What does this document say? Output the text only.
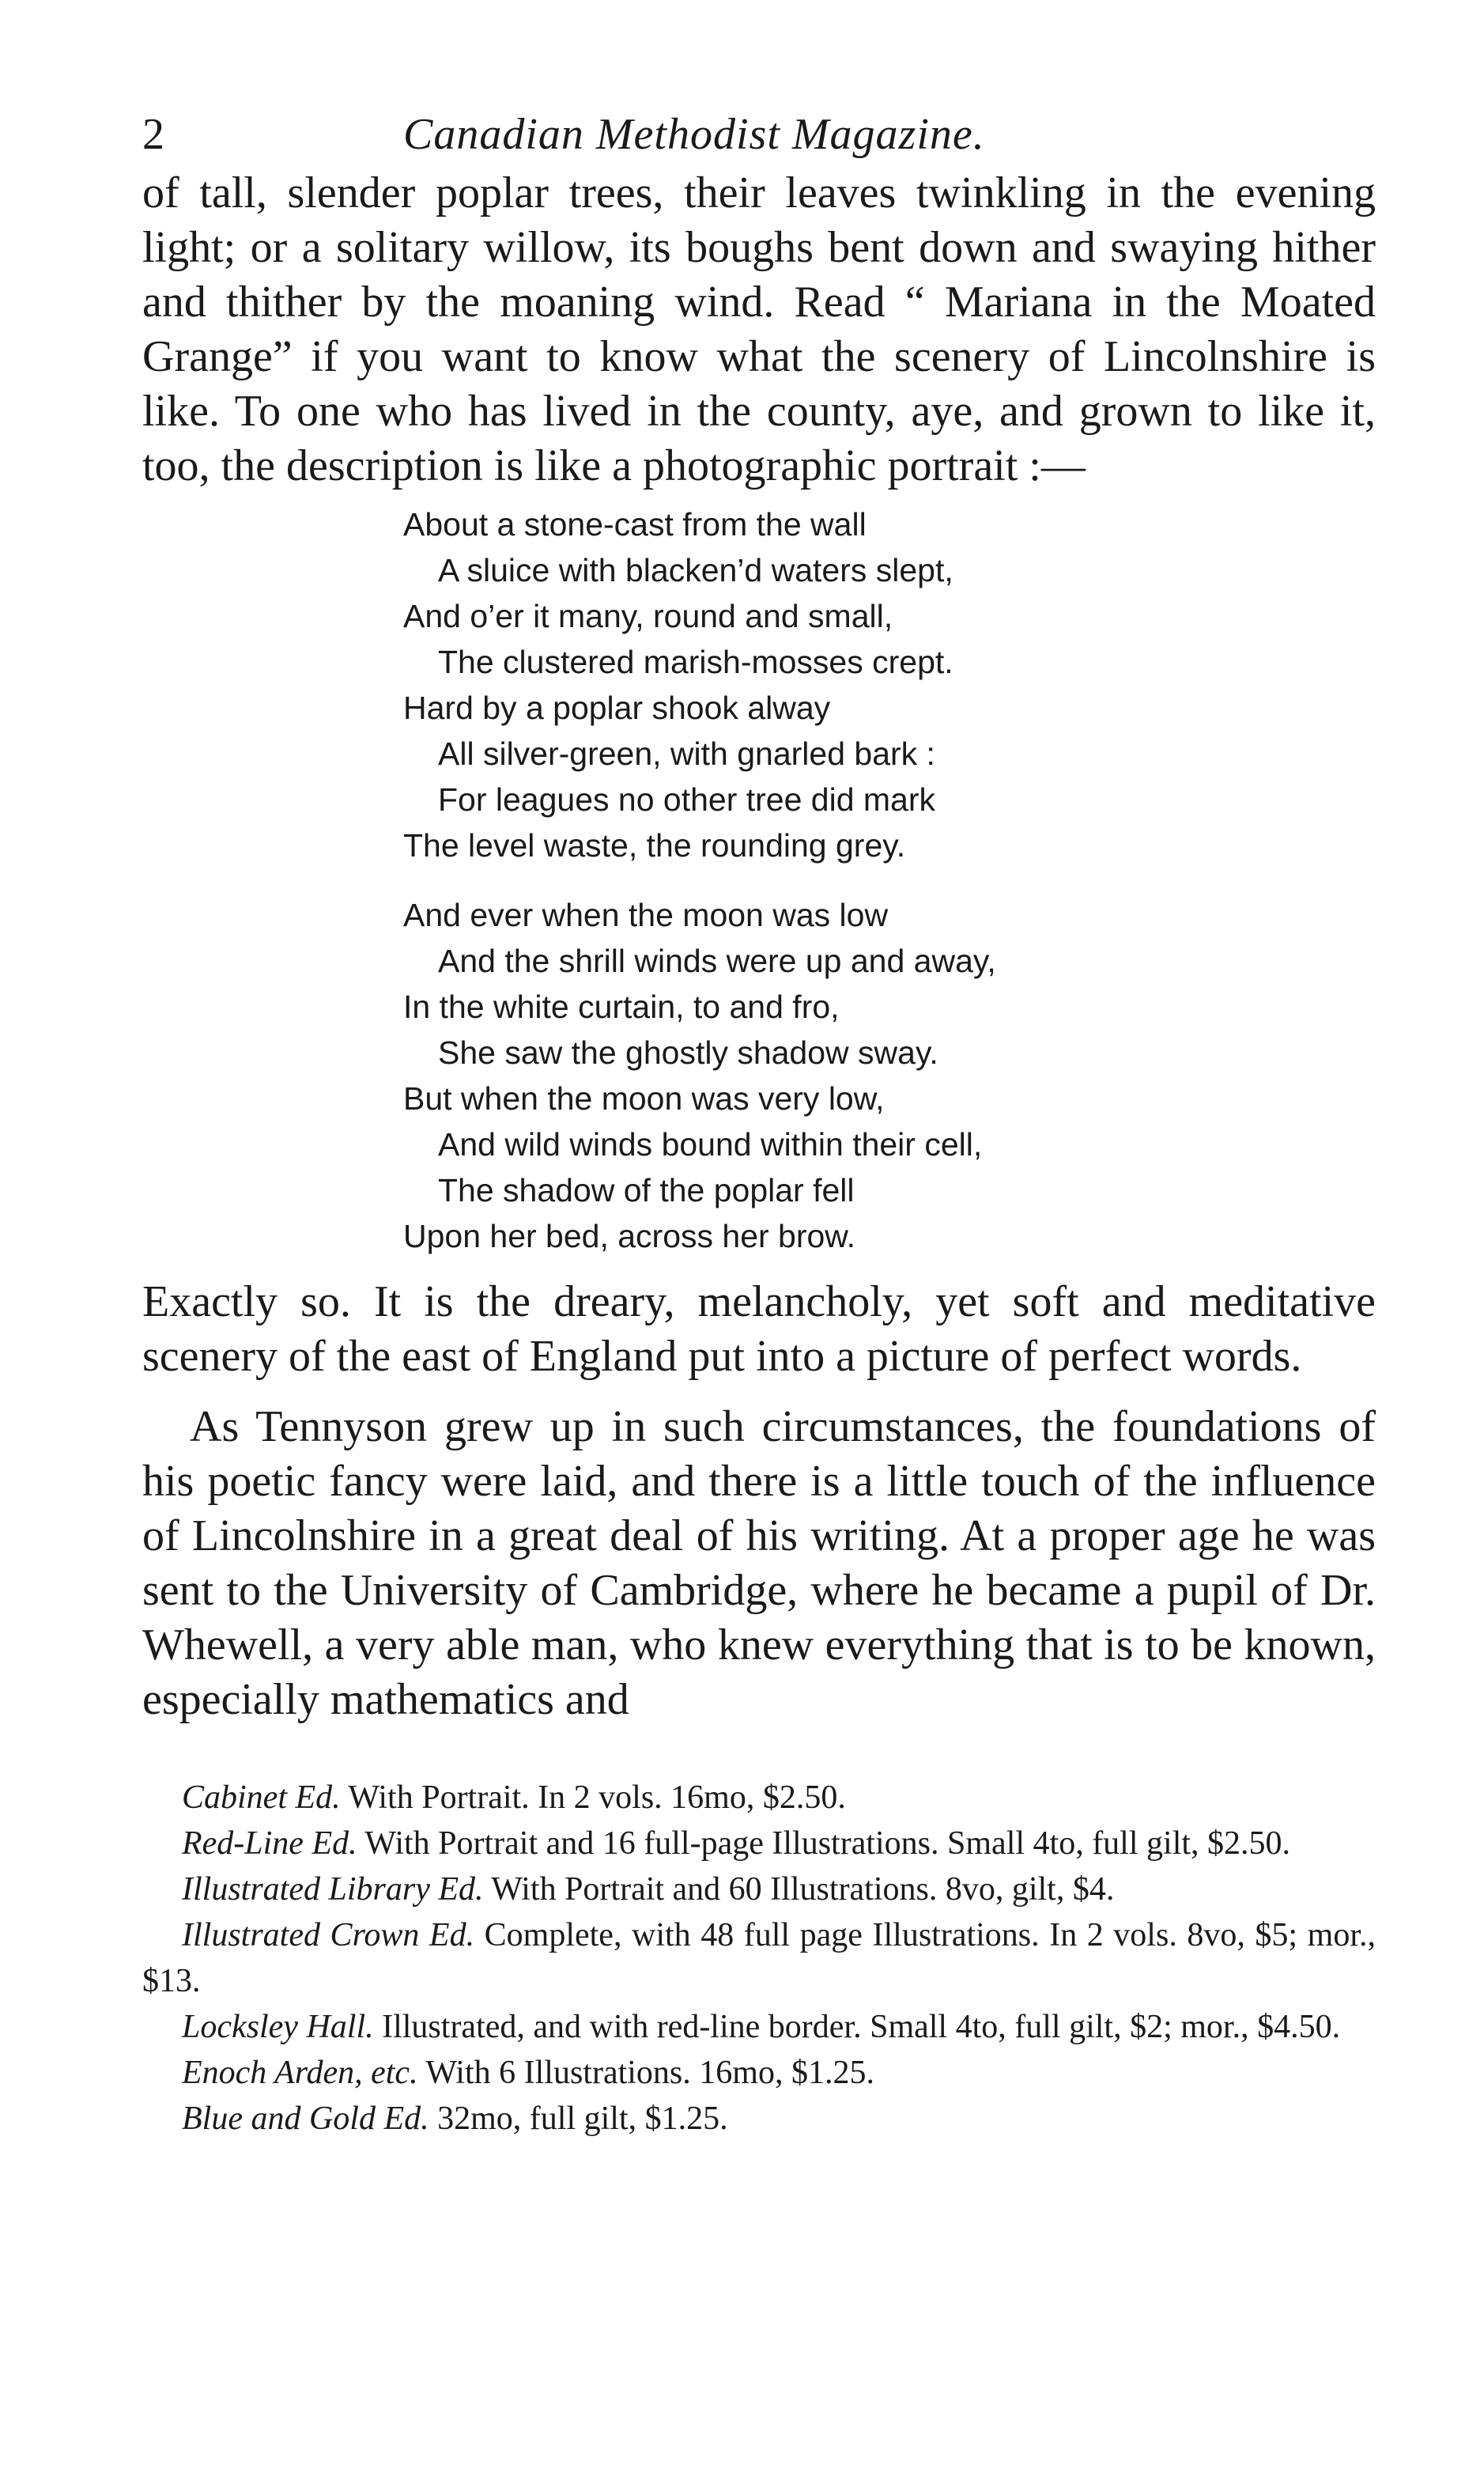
2	Canadian Methodist Magazine.

of tall, slender poplar trees, their leaves twinkling in the evening light; or a solitary willow, its boughs bent down and swaying hither and thither by the moaning wind. Read “ Mariana in the Moated Grange” if you want to know what the scenery of Lincolnshire is like. To one who has lived in the county, aye, and grown to like it, too, the description is like a photographic portrait :—

About a stone-cast from the wall
A sluice with blacken’d waters slept,
And o’er it many, round and small,
The clustered marish-mosses crept.
Hard by a poplar shook alway
All silver-green, with gnarled bark :
For leagues no other tree did mark
The level waste, the rounding grey.
And ever when the moon was low
And the shrill winds were up and away,
In the white curtain, to and fro,
She saw the ghostly shadow sway.
But when the moon was very low,
And wild winds bound within their cell,
The shadow of the poplar fell
Upon her bed, across her brow.

Exactly so. It is the dreary, melancholy, yet soft and meditative scenery of the east of England put into a picture of perfect words.

As Tennyson grew up in such circumstances, the foundations of his poetic fancy were laid, and there is a little touch of the influence of Lincolnshire in a great deal of his writing. At a proper age he was sent to the University of Cambridge, where he became a pupil of Dr. Whewell, a very able man, who knew everything that is to be known, especially mathematics and

Cabinet Ed. With Portrait. In 2 vols. 16mo, $2.50.

Red-Line Ed. With Portrait and 16 full-page Illustrations. Small 4to, full gilt, $2.50.

Illustrated Library Ed. With Portrait and 60 Illustrations. 8vo, gilt, $4.

Illustrated Crown Ed. Complete, with 48 full page Illustrations. In 2 vols. 8vo, $5; mor., $13.

Locksley Hall. Illustrated, and with red-line border. Small 4to, full gilt, $2; mor., $4.50.

Enoch Arden, etc. With 6 Illustrations. 16mo, $1.25.

Blue and Gold Ed. 32mo, full gilt, $1.25.
